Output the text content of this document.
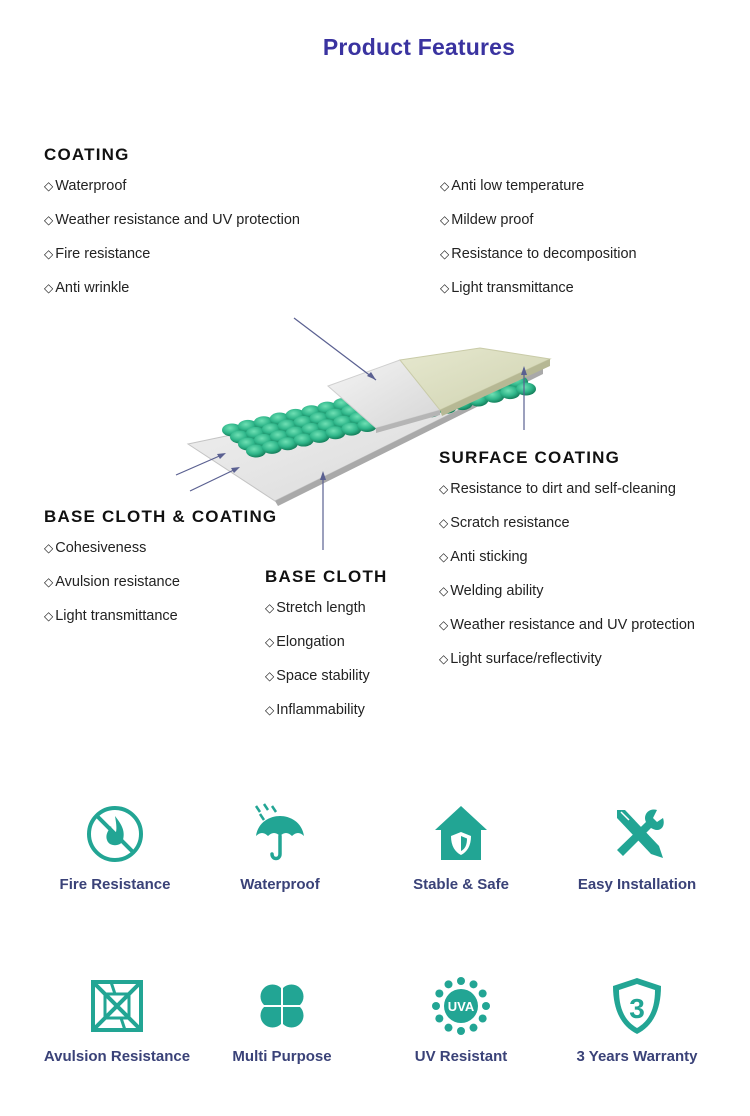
Product Features
COATING
◇ Waterproof
◇ Weather resistance and UV protection
◇ Fire resistance
◇ Anti wrinkle
◇ Anti low temperature
◇ Mildew proof
◇ Resistance to decomposition
◇ Light transmittance
SURFACE COATING
◇ Resistance to dirt and self-cleaning
◇ Scratch resistance
◇ Anti sticking
◇ Welding ability
◇ Weather resistance and UV protection
◇ Light surface/reflectivity
BASE CLOTH & COATING
◇ Cohesiveness
◇ Avulsion resistance
◇ Light transmittance
BASE CLOTH
◇ Stretch length
◇ Elongation
◇ Space stability
◇ Inflammability
Fire Resistance	Waterproof	Stable & Safe	Easy Installation
Avulsion Resistance	Multi Purpose
UVA
UV Resistant
3
3 Years Warranty
